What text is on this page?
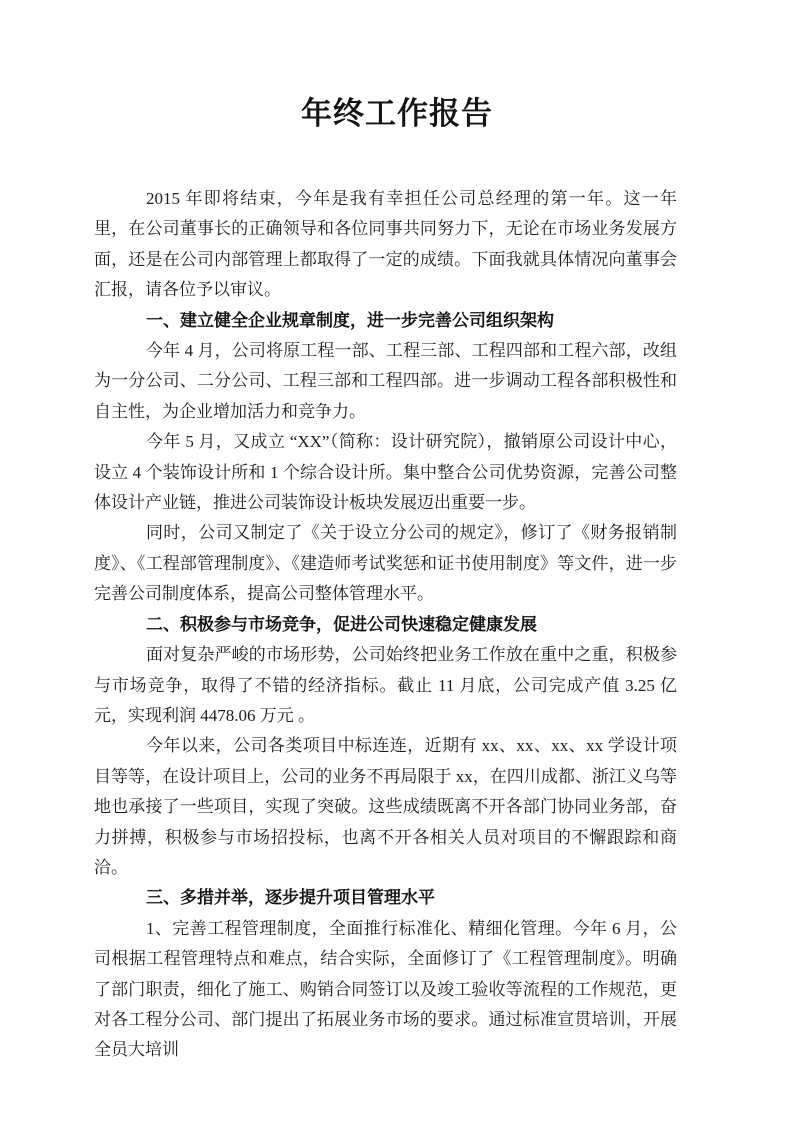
年终工作报告

2015 年即将结束，今年是我有幸担任公司总经理的第一年。这一年里，在公司董事长的正确领导和各位同事共同努力下，无论在市场业务发展方面，还是在公司内部管理上都取得了一定的成绩。下面我就具体情况向董事会汇报，请各位予以审议。

一、建立健全企业规章制度，进一步完善公司组织架构

今年 4 月，公司将原工程一部、工程三部、工程四部和工程六部，改组为一分公司、二分公司、工程三部和工程四部。进一步调动工程各部积极性和自主性，为企业增加活力和竞争力。

今年 5 月，又成立 “XX”（简称：设计研究院），撤销原公司设计中心，设立 4 个装饰设计所和 1 个综合设计所。集中整合公司优势资源，完善公司整体设计产业链，推进公司装饰设计板块发展迈出重要一步。

同时，公司又制定了《关于设立分公司的规定》，修订了《财务报销制度》、《工程部管理制度》、《建造师考试奖惩和证书使用制度》等文件，进一步完善公司制度体系，提高公司整体管理水平。

二、积极参与市场竞争，促进公司快速稳定健康发展

面对复杂严峻的市场形势，公司始终把业务工作放在重中之重，积极参与市场竞争，取得了不错的经济指标。截止 11 月底，公司完成产值 3.25 亿元，实现利润 4478.06 万元 。

今年以来，公司各类项目中标连连，近期有 xx、xx、xx、xx 学设计项目等等，在设计项目上，公司的业务不再局限于 xx，在四川成都、浙江义乌等地也承接了一些项目，实现了突破。这些成绩既离不开各部门协同业务部，奋力拼搏，积极参与市场招投标，也离不开各相关人员对项目的不懈跟踪和商洽。

三、多措并举，逐步提升项目管理水平

1、完善工程管理制度，全面推行标准化、精细化管理。今年 6 月，公司根据工程管理特点和难点，结合实际，全面修订了《工程管理制度》。明确了部门职责，细化了施工、购销合同签订以及竣工验收等流程的工作规范，更对各工程分公司、部门提出了拓展业务市场的要求。通过标准宣贯培训，开展全员大培训
